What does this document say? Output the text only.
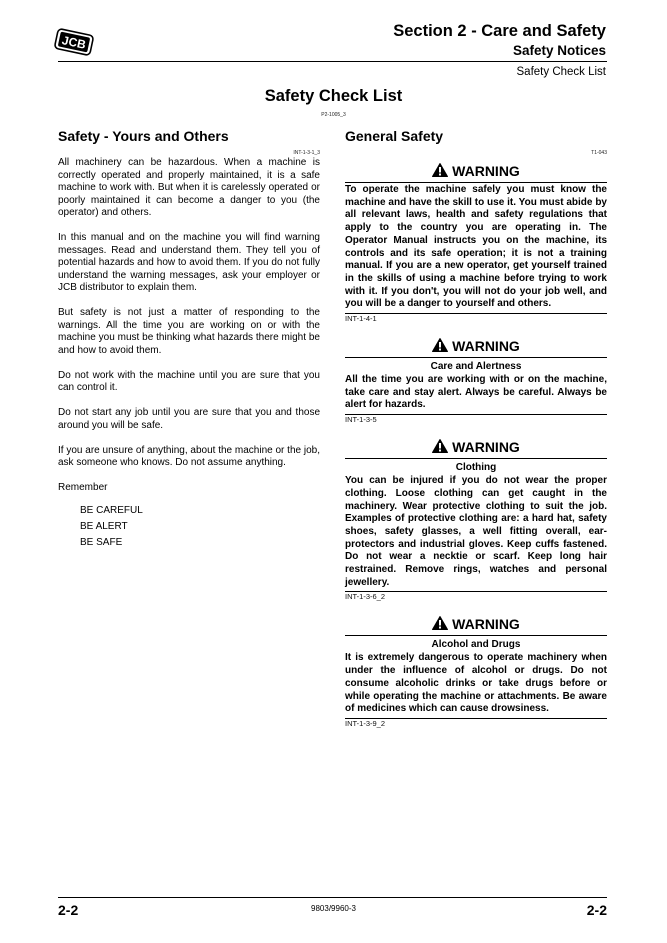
JCB
Section 2 - Care and Safety
Safety Notices
Safety Check List
Safety Check List
P2-1005_3
Safety - Yours and Others
INT-1-3-1_3

All machinery can be hazardous. When a machine is correctly operated and properly maintained, it is a safe machine to work with. But when it is carelessly operated or poorly maintained it can become a danger to you (the operator) and others.

In this manual and on the machine you will find warning messages. Read and understand them. They tell you of potential hazards and how to avoid them. If you do not fully understand the warning messages, ask your employer or JCB distributor to explain them.

But safety is not just a matter of responding to the warnings. All the time you are working on or with the machine you must be thinking what hazards there might be and how to avoid them.

Do not work with the machine until you are sure that you can control it.

Do not start any job until you are sure that you and those around you will be safe.

If you are unsure of anything, about the machine or the job, ask someone who knows. Do not assume anything.

Remember
BE CAREFUL
BE ALERT
BE SAFE
General Safety
T1-043
WARNING
To operate the machine safely you must know the machine and have the skill to use it. You must abide by all relevant laws, health and safety regulations that apply to the country you are operating in. The Operator Manual instructs you on the machine, its controls and its safe operation; it is not a training manual. If you are a new operator, get yourself trained in the skills of using a machine before trying to work with it. If you don't, you will not do your job well, and you will be a danger to yourself and others.
INT-1-4-1
WARNING
Care and Alertness
All the time you are working with or on the machine, take care and stay alert. Always be careful. Always be alert for hazards.
INT-1-3-5
WARNING
Clothing
You can be injured if you do not wear the proper clothing. Loose clothing can get caught in the machinery. Wear protective clothing to suit the job. Examples of protective clothing are: a hard hat, safety shoes, safety glasses, a well fitting overall, ear-protectors and industrial gloves. Keep cuffs fastened. Do not wear a necktie or scarf. Keep long hair restrained. Remove rings, watches and personal jewellery.
INT-1-3-6_2
WARNING
Alcohol and Drugs
It is extremely dangerous to operate machinery when under the influence of alcohol or drugs. Do not consume alcoholic drinks or take drugs before or while operating the machine or attachments. Be aware of medicines which can cause drowsiness.
INT-1-3-9_2
2-2	9803/9960-3	2-2
